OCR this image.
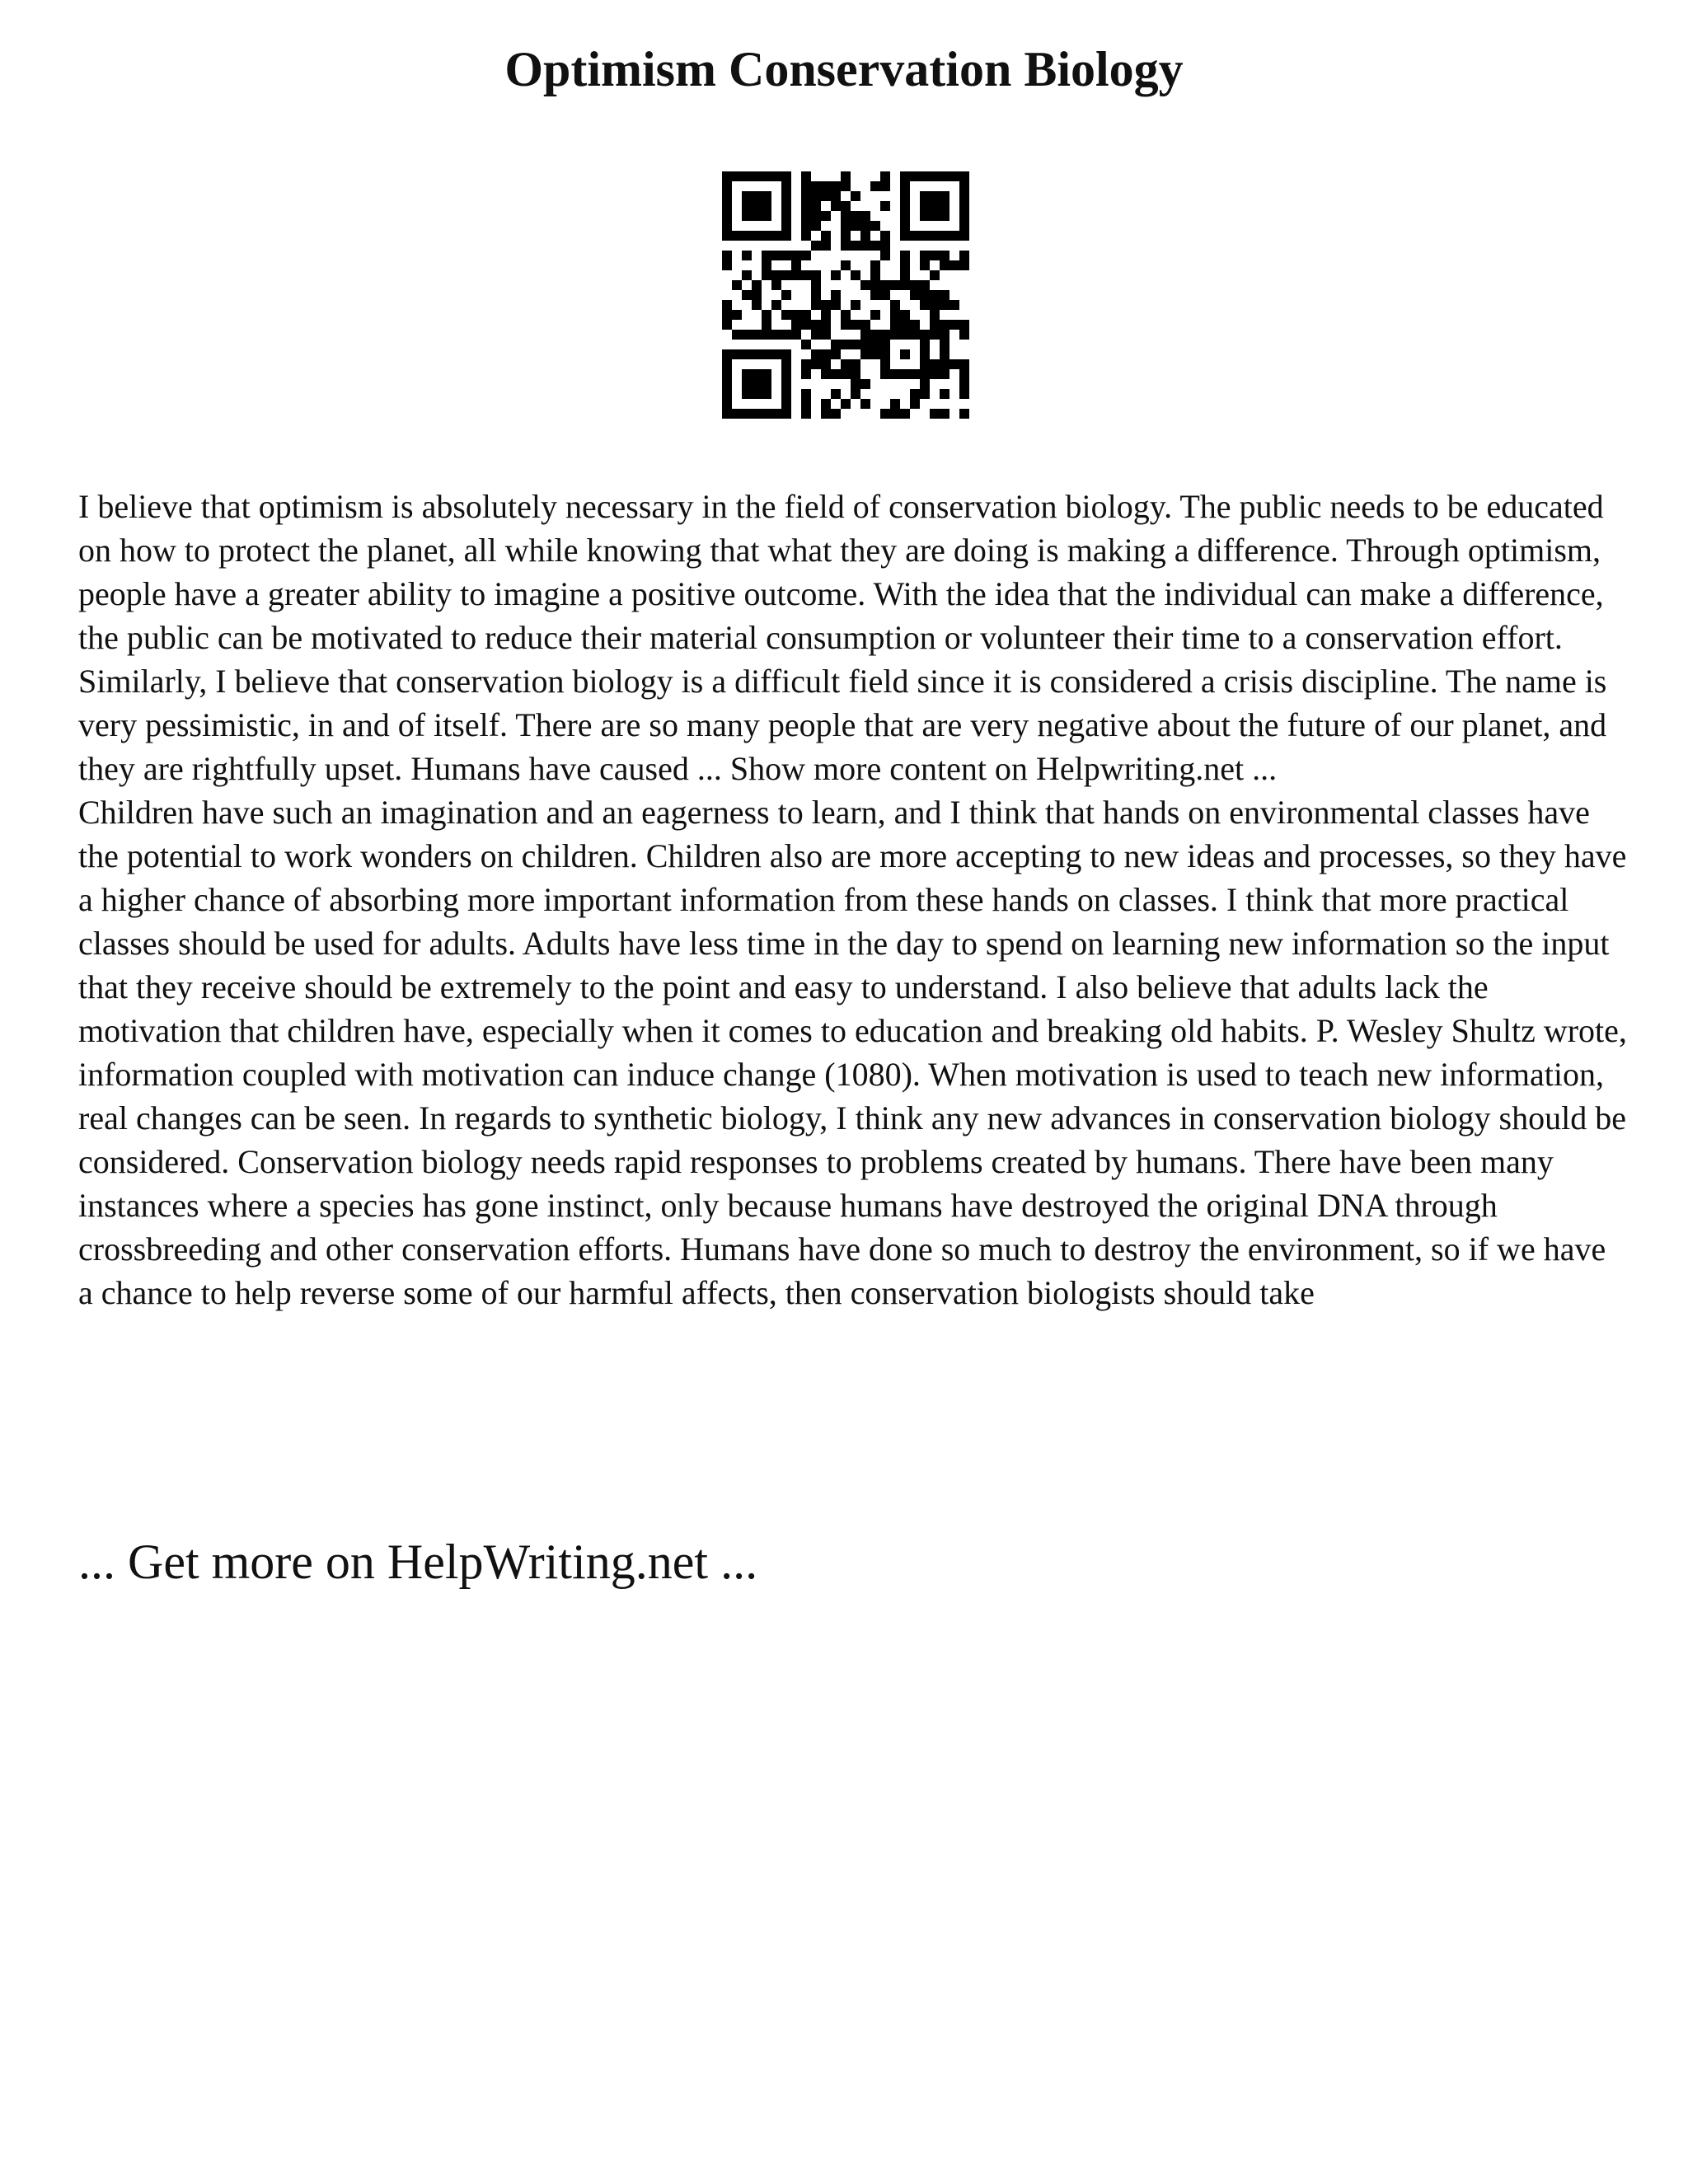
Optimism Conservation Biology

I believe that optimism is absolutely necessary in the field of conservation biology. The public needs to be educated on how to protect the planet, all while knowing that what they are doing is making a difference. Through optimism, people have a greater ability to imagine a positive outcome. With the idea that the individual can make a difference, the public can be motivated to reduce their material consumption or volunteer their time to a conservation effort.

Similarly, I believe that conservation biology is a difficult field since it is considered a crisis discipline. The name is very pessimistic, in and of itself. There are so many people that are very negative about the future of our planet, and they are rightfully upset. Humans have caused ... Show more content on Helpwriting.net ...

Children have such an imagination and an eagerness to learn, and I think that hands on environmental classes have the potential to work wonders on children. Children also are more accepting to new ideas and processes, so they have a higher chance of absorbing more important information from these hands on classes. I think that more practical classes should be used for adults. Adults have less time in the day to spend on learning new information so the input that they receive should be extremely to the point and easy to understand. I also believe that adults lack the motivation that children have, especially when it comes to education and breaking old habits. P. Wesley Shultz wrote, information coupled with motivation can induce change (1080). When motivation is used to teach new information, real changes can be seen. In regards to synthetic biology, I think any new advances in conservation biology should be considered. Conservation biology needs rapid responses to problems created by humans. There have been many instances where a species has gone instinct, only because humans have destroyed the original DNA through crossbreeding and other conservation efforts. Humans have done so much to destroy the environment, so if we have a chance to help reverse some of our harmful affects, then conservation biologists should take

... Get more on HelpWriting.net ...
